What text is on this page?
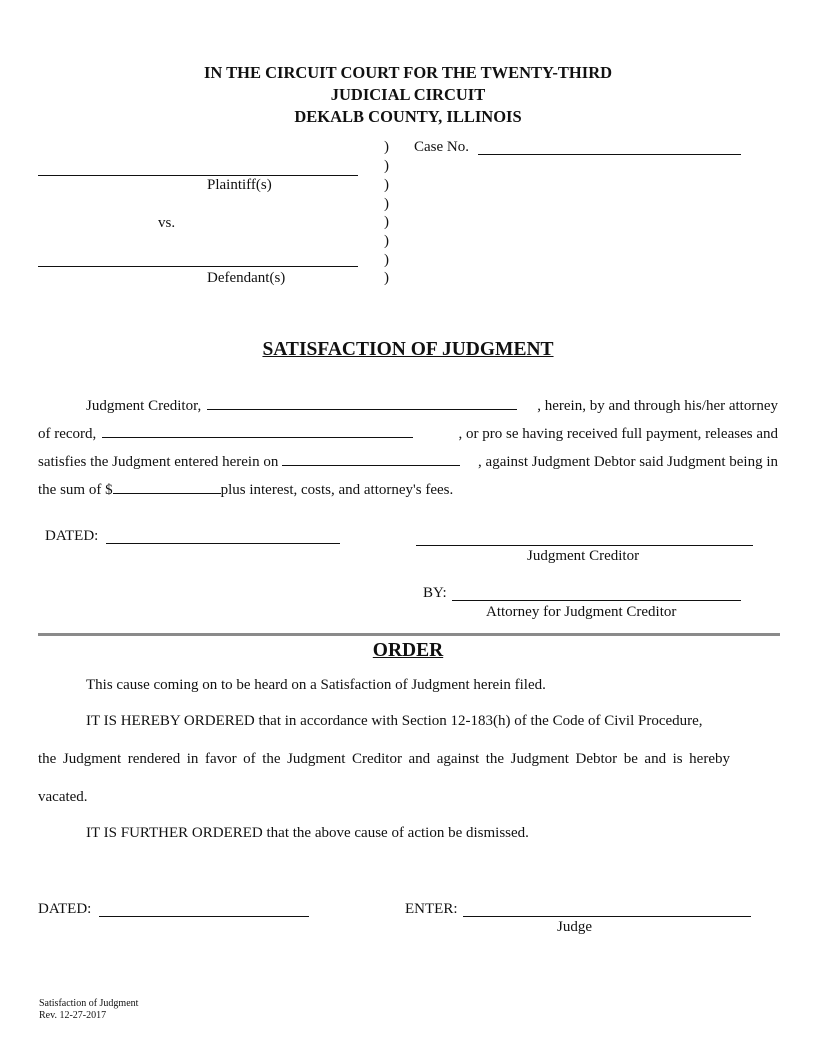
IN THE CIRCUIT COURT FOR THE TWENTY-THIRD
JUDICIAL CIRCUIT
DEKALB COUNTY, ILLINOIS
)
)
)
)
)
)
)
)
Case No.
Plaintiff(s)
vs.
Defendant(s)
SATISFACTION OF JUDGMENT
Judgment Creditor,	, herein, by and through his/her attorney
of record,	, or pro se having received full payment, releases and
satisfies the Judgment entered herein on	, against Judgment Debtor said Judgment being in
the sum of $	plus interest, costs, and attorney's fees.
DATED:
Judgment Creditor
BY:
Attorney for Judgment Creditor
ORDER
This cause coming on to be heard on a Satisfaction of Judgment herein filed.
IT IS HEREBY ORDERED that in accordance with Section 12-183(h) of the Code of Civil Procedure,
the Judgment rendered in favor of the Judgment Creditor and against the Judgment Debtor be and is hereby
vacated.
IT IS FURTHER ORDERED that the above cause of action be dismissed.
DATED:	ENTER:
Judge
Satisfaction of Judgment
Rev. 12-27-2017
